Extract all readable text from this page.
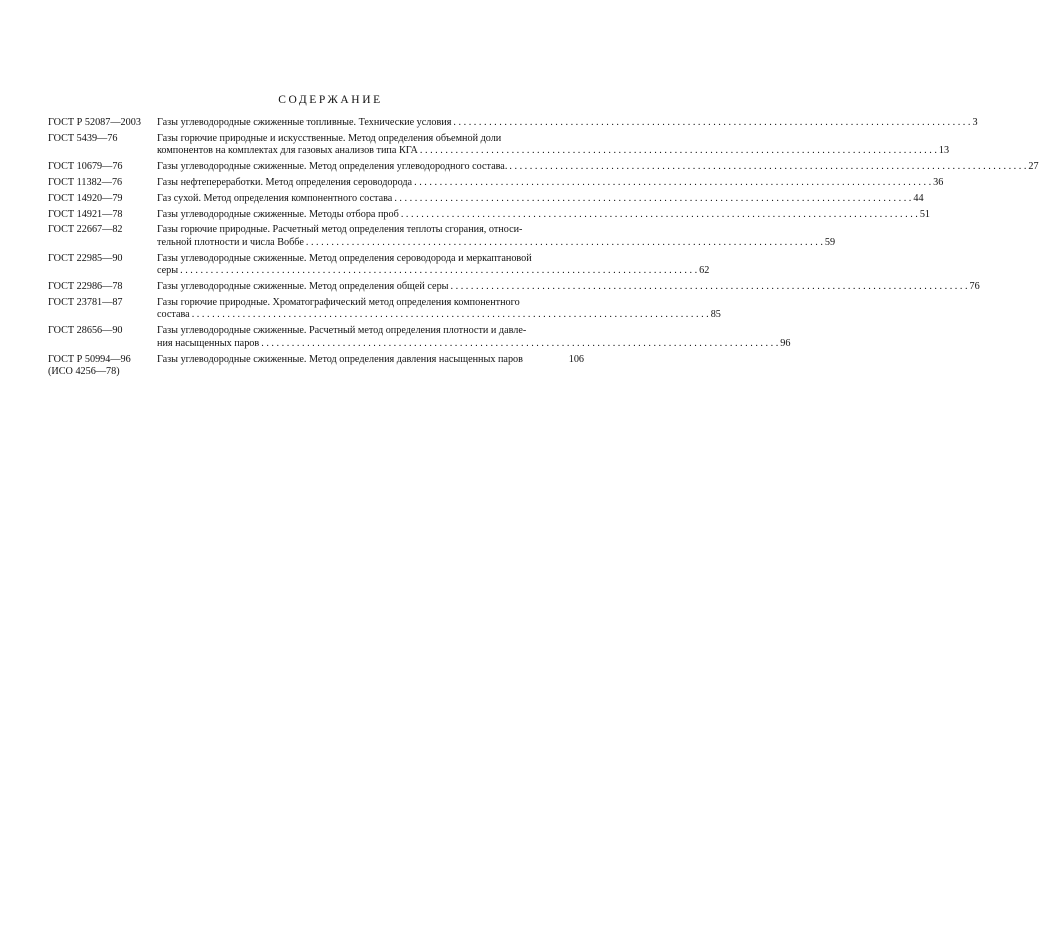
СОДЕРЖАНИЕ
ГОСТ Р 52087—2003	Газы углеводородные сжиженные топливные. Технические условия . . .	3
ГОСТ 5439—76	Газы горючие природные и искусственные. Метод определения объемной доли
компонентов на комплектах для газовых анализов типа КГА . . .	13
ГОСТ 10679—76	Газы углеводородные сжиженные. Метод определения углеводородного состава. . . .	27
ГОСТ 11382—76	Газы нефтепереработки. Метод определения сероводорода . . .	36
ГОСТ 14920—79	Газ сухой. Метод определения компонентного состава . . .	44
ГОСТ 14921—78	Газы углеводородные сжиженные. Методы отбора проб . . .	51
ГОСТ 22667—82	Газы горючие природные. Расчетный метод определения теплоты сгорания, относи-
тельной плотности и числа Воббе . . .	59
ГОСТ 22985—90	Газы углеводородные сжиженные. Метод определения сероводорода и меркаптановой
серы . . .	62
ГОСТ 22986—78	Газы углеводородные сжиженные. Метод определения общей серы . . .	76
ГОСТ 23781—87	Газы горючие природные. Хроматографический метод определения компонентного
состава . . .	85
ГОСТ 28656—90	Газы углеводородные сжиженные. Расчетный метод определения плотности и давле-
ния насыщенных паров . . .	96
ГОСТ Р 50994—96
(ИСО 4256—78)
Газы углеводородные сжиженные. Метод определения давления насыщенных паров	106
